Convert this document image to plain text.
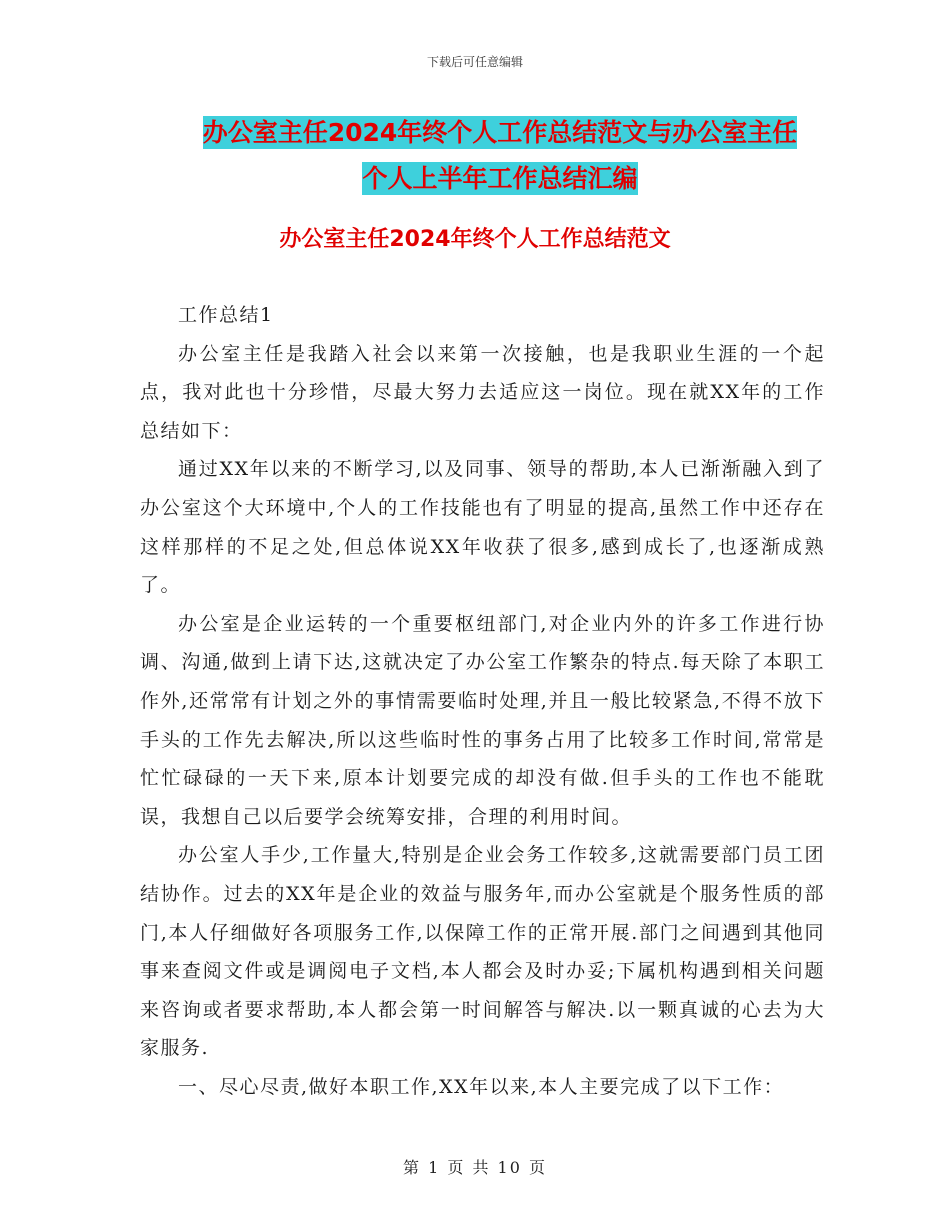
下载后可任意编辑
办公室主任2024年终个人工作总结范文与办公室主任
个人上半年工作总结汇编
办公室主任2024年终个人工作总结范文

工作总结1

办公室主任是我踏入社会以来第一次接触，也是我职业生涯的一个起点，我对此也十分珍惜，尽最大努力去适应这一岗位。现在就XX年的工作总结如下：

通过XX年以来的不断学习,以及同事、领导的帮助,本人已渐渐融入到了办公室这个大环境中,个人的工作技能也有了明显的提高,虽然工作中还存在这样那样的不足之处,但总体说XX年收获了很多,感到成长了,也逐渐成熟了。

办公室是企业运转的一个重要枢纽部门,对企业内外的许多工作进行协调、沟通,做到上请下达,这就决定了办公室工作繁杂的特点.每天除了本职工作外,还常常有计划之外的事情需要临时处理,并且一般比较紧急,不得不放下手头的工作先去解决,所以这些临时性的事务占用了比较多工作时间,常常是忙忙碌碌的一天下来,原本计划要完成的却没有做.但手头的工作也不能耽误，我想自己以后要学会统筹安排，合理的利用时间。

办公室人手少,工作量大,特别是企业会务工作较多,这就需要部门员工团结协作。过去的XX年是企业的效益与服务年,而办公室就是个服务性质的部门,本人仔细做好各项服务工作,以保障工作的正常开展.部门之间遇到其他同事来查阅文件或是调阅电子文档,本人都会及时办妥;下属机构遇到相关问题来咨询或者要求帮助,本人都会第一时间解答与解决.以一颗真诚的心去为大家服务.

一、尽心尽责,做好本职工作,XX年以来,本人主要完成了以下工作：

第 1 页 共 10 页
